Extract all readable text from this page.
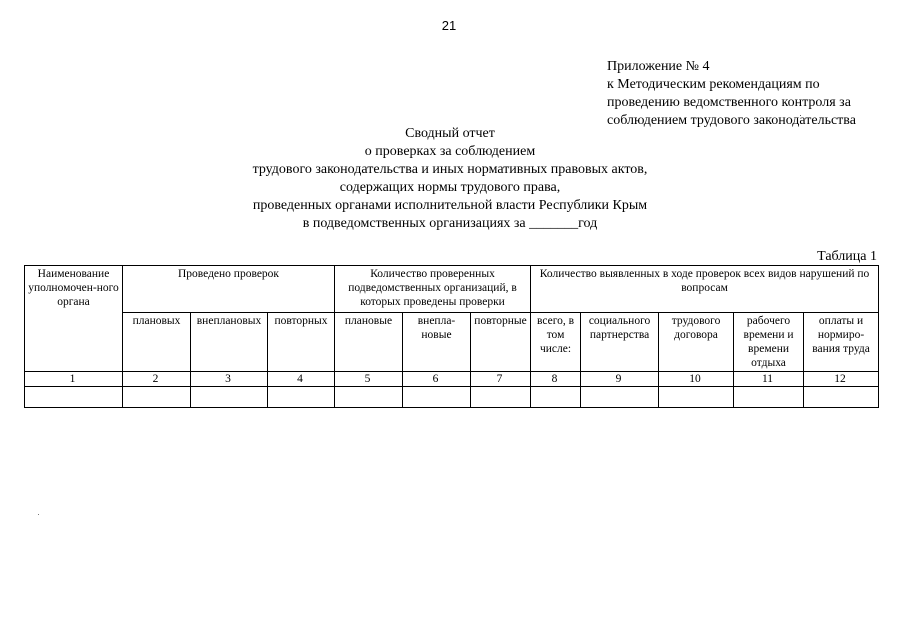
21
Приложение № 4
к Методическим рекомендациям по
проведению ведомственного контроля за
соблюдением трудового законодательства
Сводный отчет
о проверках за соблюдением
трудового законодательства и иных нормативных правовых актов,
содержащих нормы трудового права,
проведенных органами исполнительной власти Республики Крым
в подведомственных организациях за _______год
Таблица 1
Наименование уполномочен-ного органа	Проведено проверок			Количество проверенных подведомственных организаций, в которых проведены проверки			Количество выявленных в ходе проверок всех видов нарушений по вопросам				
	плановых	внеплановых	повторных	плановые	внепла-новые	повторные	всего, в том числе:	социального партнерства	трудового договора	рабочего времени и времени отдыха	оплаты и нормиро-вания труда
1	2	3	4	5	6	7	8	9	10	11	12
